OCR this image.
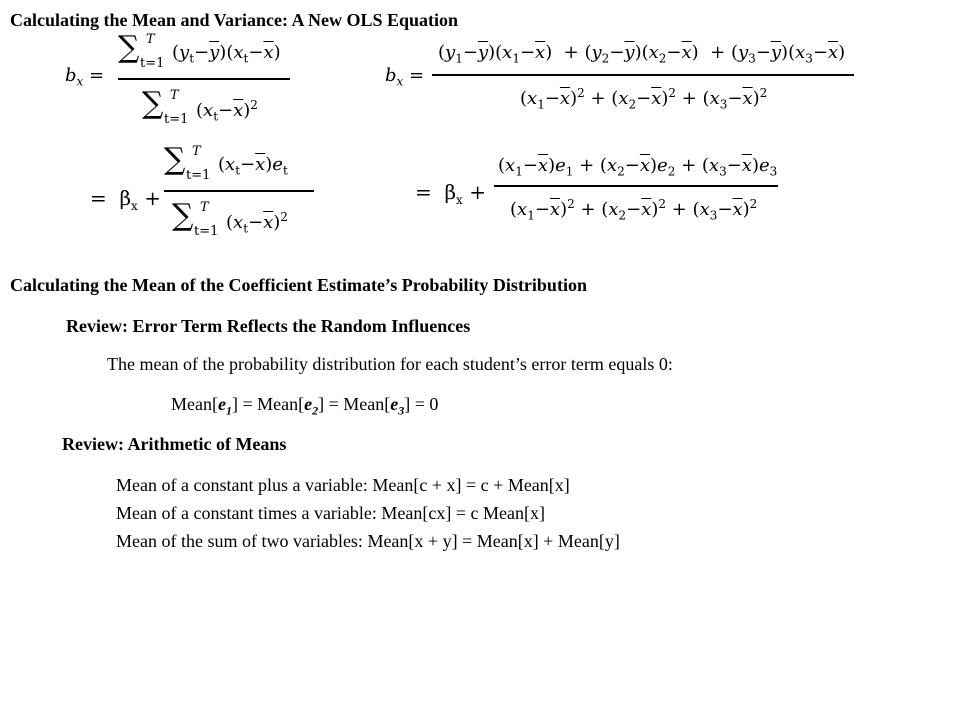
Calculating the Mean and Variance: A New OLS Equation
$b_x$ =
∑ T
t=1
$(y_t-\overline{y})(x_t-\overline{x})$
∑ T
t=1 $(x_t-\overline{x})^2$
$b_x$ =
$(y_1-\overline{y})(x_1-\overline{x}) + (y_2-\overline{y})(x_2-\overline{x}) + (y_3-\overline{y})(x_3-\overline{x})$
$(x_1-\overline{x})^2 + (x_2-\overline{x})^2 + (x_3-\overline{x})^2$
= $\beta_x$ +
∑ T
t=1
$(x_t-\overline{x})e_t$
∑ T
t=1 $(x_t-\overline{x})^2$
= $\beta_x$ +
$(x_1-\overline{x})e_1 + (x_2-\overline{x})e_2 + (x_3-\overline{x})e_3$
$(x_1-\overline{x})^2 + (x_2-\overline{x})^2 + (x_3-\overline{x})^2$
Calculating the Mean of the Coefficient Estimate’s Probability Distribution
Review: Error Term Reflects the Random Influences
The mean of the probability distribution for each student’s error term equals 0:
$Mean[e_1]$ = $Mean[e_2]$ = $Mean[e_3] = 0$
Review: Arithmetic of Means
Mean of a constant plus a variable: Mean[c + x] = c + Mean[x]
Mean of a constant times a variable: Mean[cx] = c Mean[x]
Mean of the sum of two variables: Mean[x + y] = Mean[x] + Mean[y]
